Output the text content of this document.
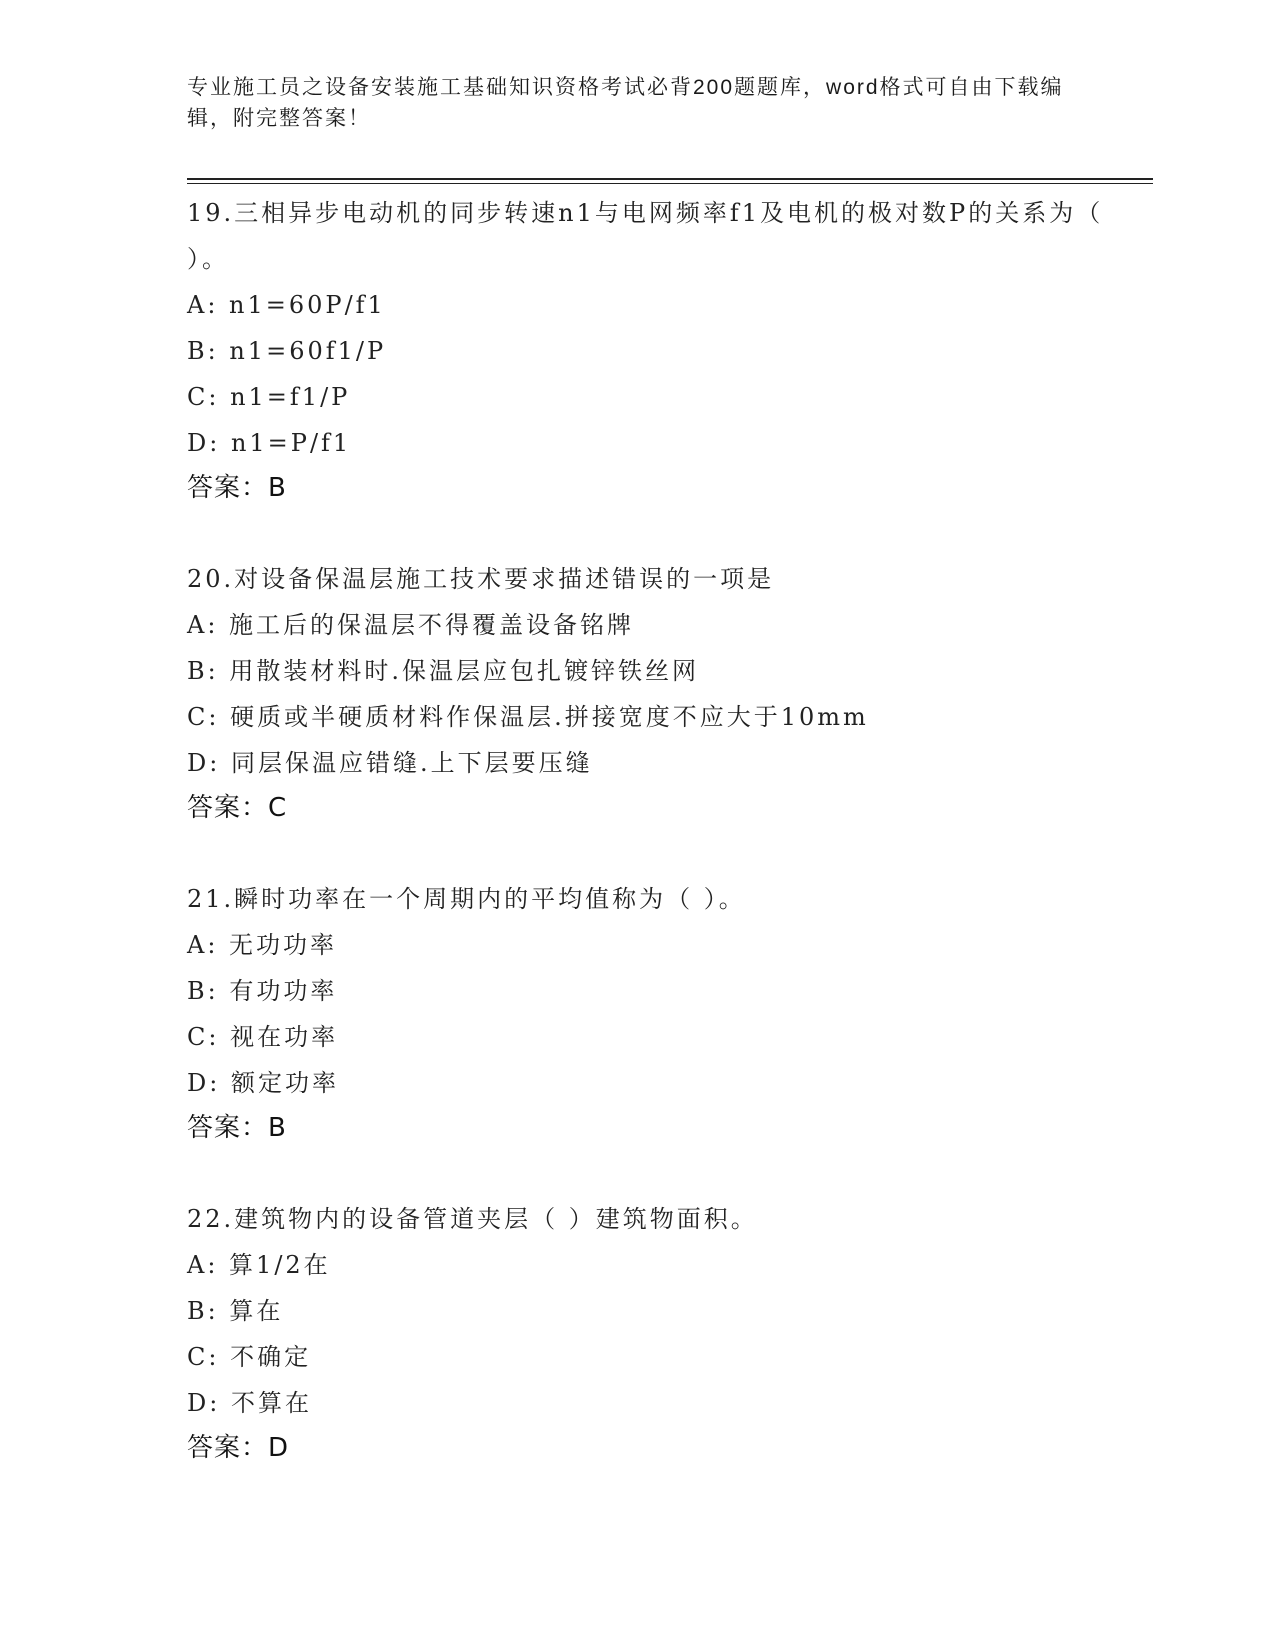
专业施工员之设备安装施工基础知识资格考试必背200题题库，word格式可自由下载编辑，附完整答案！
19.三相异步电动机的同步转速n1与电网频率f1及电机的极对数P的关系为（ ）。
A: n1=60P/f1
B: n1=60f1/P
C: n1=f1/P
D: n1=P/f1
答案：B
20.对设备保温层施工技术要求描述错误的一项是
A: 施工后的保温层不得覆盖设备铭牌
B: 用散装材料时.保温层应包扎镀锌铁丝网
C: 硬质或半硬质材料作保温层.拼接宽度不应大于10mm
D: 同层保温应错缝.上下层要压缝
答案：C
21.瞬时功率在一个周期内的平均值称为（ ）。
A: 无功功率
B: 有功功率
C: 视在功率
D: 额定功率
答案：B
22.建筑物内的设备管道夹层（ ）建筑物面积。
A: 算1/2在
B: 算在
C: 不确定
D: 不算在
答案：D
